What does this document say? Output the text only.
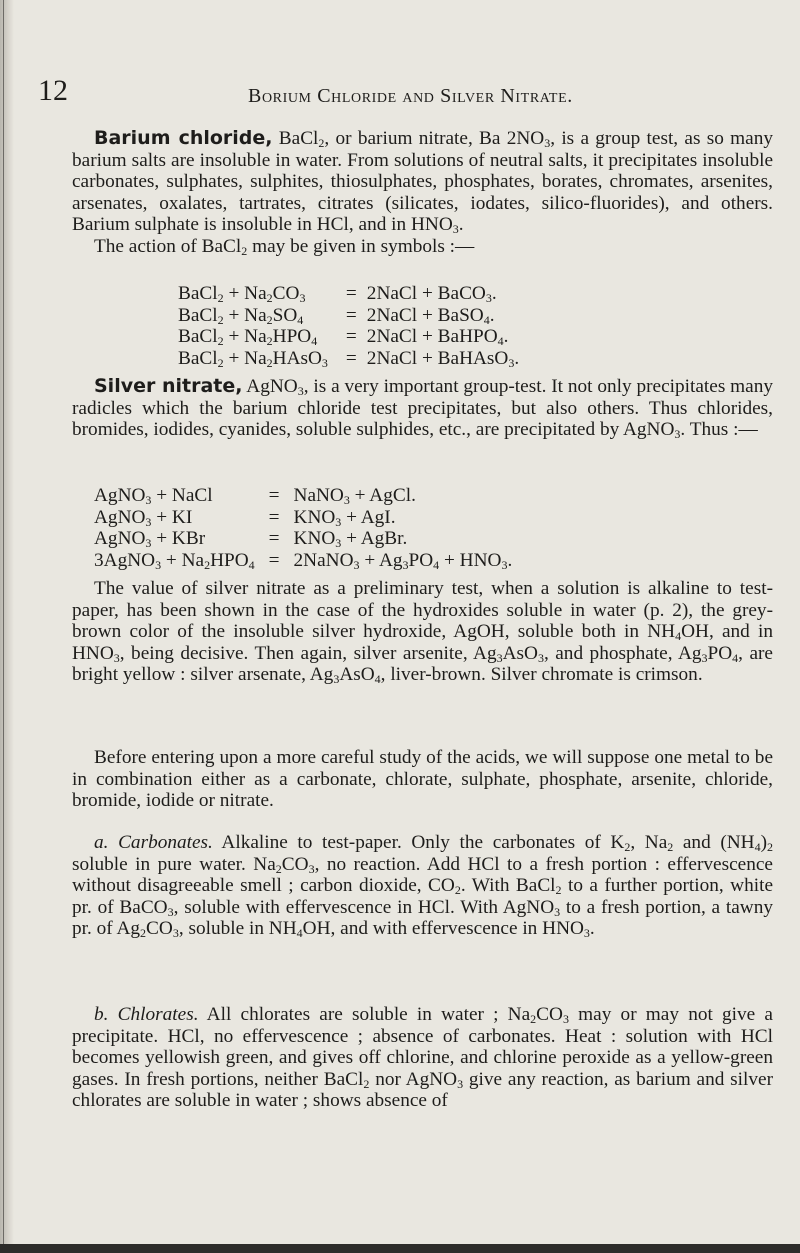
12	Borium Chloride and Silver Nitrate.

Barium chloride, BaCl$_2$, or barium nitrate, Ba $2NO_3$, is a group test, as so many barium salts are insoluble in water. From solutions of neutral salts, it precipitates insoluble carbonates, sulphates, sulphites, thiosulphates, phosphates, borates, chromates, arsenites, arsenates, oxalates, tartrates, citrates (silicates, iodates, silico-fluorides), and others. Barium sulphate is insoluble in HCl, and in $HNO_3$.

The action of BaCl$_2$ may be given in symbols :—

BaCl$_2$ + $Na_2CO_3$	=	2NaCl + BaCO$_3$.
BaCl$_2$ + $Na_2SO_4$	=	2NaCl + BaSO$_4$.
BaCl$_2$ + $Na_2HPO_4$	=	2NaCl + BaHPO$_4$.
BaCl$_2$ + $Na_2HAsO_3$	=	2NaCl + BaHAsO$_3$.

Silver nitrate, AgNO$_3$, is a very important group-test. It not only precipitates many radicles which the barium chloride test precipitates, but also others. Thus chlorides, bromides, iodides, cyanides, soluble sulphides, etc., are precipitated by AgNO$_3$. Thus :—

AgNO$_3$ + NaCl	=	NaNO$_3$ + AgCl.
AgNO$_3$ + KI	=	$KNO_3$ + AgI.
AgNO$_3$ + KBr	=	$KNO_3$ + AgBr.
3AgNO$_3$ + $Na_2HPO_4$	=	2NaNO$_3$ + $Ag_3PO_4 + HNO_3$.

The value of silver nitrate as a preliminary test, when a solution is alkaline to test-paper, has been shown in the case of the hydroxides soluble in water (p. 2), the grey-brown color of the insoluble silver hydroxide, AgOH, soluble both in $NH_4OH$, and in $HNO_3$, being decisive. Then again, silver arsenite, $Ag_3AsO_3$, and phosphate, $Ag_3PO_4$, are bright yellow : silver arsenate, $Ag_3AsO_4$, liver-brown. Silver chromate is crimson.

Before entering upon a more careful study of the acids, we will suppose one metal to be in combination either as a carbonate, chlorate, sulphate, phosphate, arsenite, chloride, bromide, iodide or nitrate.

a. Carbonates. Alkaline to test-paper. Only the carbonates of $K_2$, $Na_2$ and $(NH_4)_2$ soluble in pure water. $Na_2CO_3$, no reaction. Add HCl to a fresh portion : effervescence without disagreeable smell ; carbon dioxide, $CO_2$. With BaCl$_2$ to a further portion, white pr. of BaCO$_3$, soluble with effervescence in HCl. With AgNO$_3$ to a fresh portion, a tawny pr. of $Ag_2CO_3$, soluble in $NH_4OH$, and with effervescence in $HNO_3$.

b. Chlorates. All chlorates are soluble in water ; $Na_2CO_3$ may or may not give a precipitate. HCl, no effervescence ; absence of carbonates. Heat : solution with HCl becomes yellowish green, and gives off chlorine, and chlorine peroxide as a yellow-green gases. In fresh portions, neither BaCl$_2$ nor AgNO$_3$ give any reaction, as barium and silver chlorates are soluble in water ; shows absence of
